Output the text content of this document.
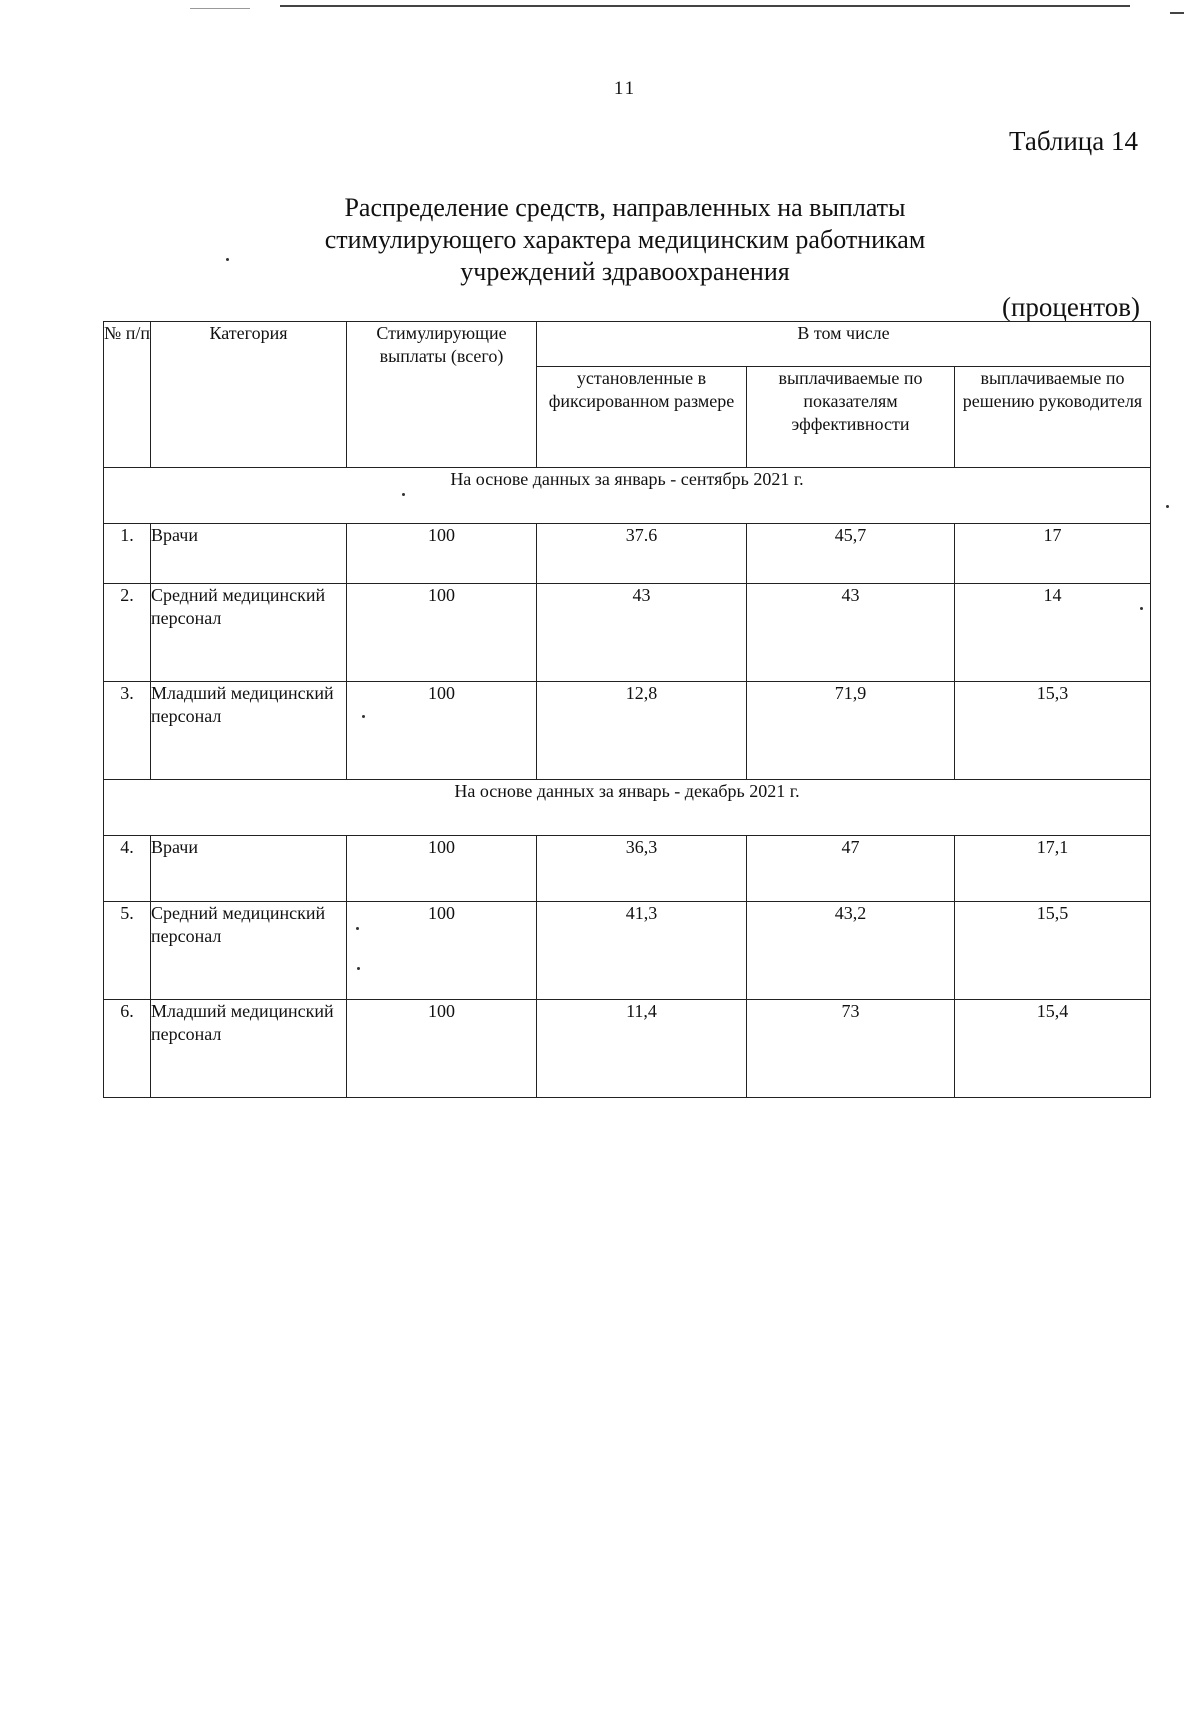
11
Таблица 14
Распределение средств, направленных на выплаты
стимулирующего характера медицинским работникам
учреждений здравоохранения
(процентов)
№ п/п	Категория	Стимулирующие выплаты (всего)	В том числе		
			установленные в фиксированном размере	выплачиваемые по показателям эффективности	выплачиваемые по решению руководителя
На основе данных за январь - сентябрь 2021 г.					
1.	Врачи	100	37.6	45,7	17
2.	Средний медицинский персонал	100	43	43	14
3.	Младший медицинский персонал	100	12,8	71,9	15,3
На основе данных за январь - декабрь 2021 г.					
4.	Врачи	100	36,3	47	17,1
5.	Средний медицинский персонал	100	41,3	43,2	15,5
6.	Младший медицинский персонал	100	11,4	73	15,4
